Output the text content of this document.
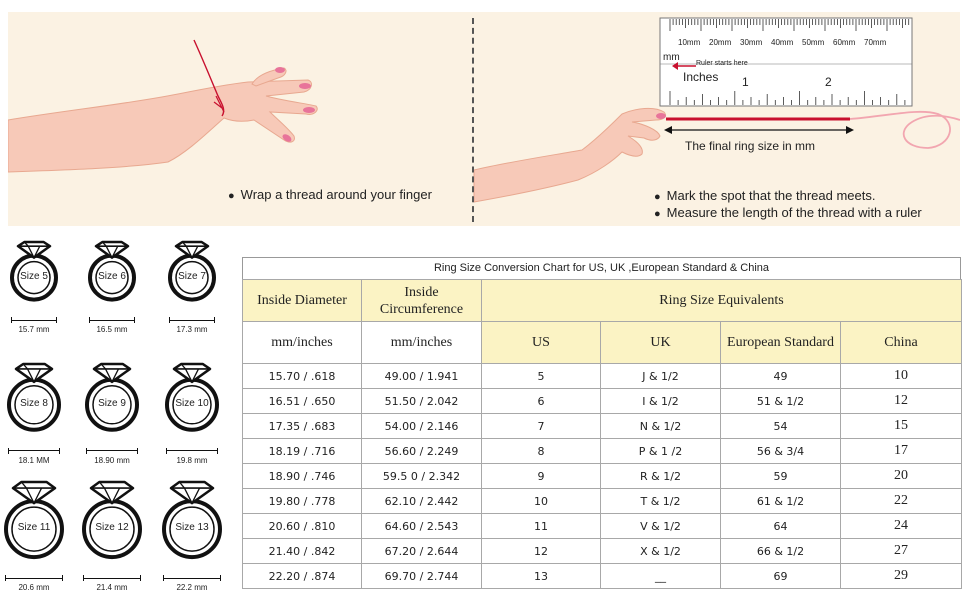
10mm 20mm 30mm 40mm 50mm 60mm 70mm
mm
Ruler starts here
Inches 1	2
The final ring size in mm
● Wrap a thread around your finger	● Mark the spot that the thread meets.
● Measure the length of the thread with a ruler
Size 5
15.7 mm
Size 6
16.5 mm
Size 7
17.3 mm
Size 8
18.1 MM
Size 9
18.90 mm
Size 10
19.8 mm
Size 11
20.6 mm
Size 12
21.4 mm
Size 13
22.2 mm
Ring Size Conversion Chart for US, UK ,European Standard & China
Inside Diameter	Inside Circumference	Ring Size Equivalents			
mm/inches	mm/inches	US	UK	European Standard	China
15.70 / .618	49.00 / 1.941	5	J & 1/2	49	10
16.51 / .650	51.50 / 2.042	6	I & 1/2	51 & 1/2	12
17.35 / .683	54.00 / 2.146	7	N & 1/2	54	15
18.19 / .716	56.60 / 2.249	8	P & 1 /2	56 & 3/4	17
18.90 / .746	59.5 0 / 2.342	9	R & 1/2	59	20
19.80 / .778	62.10 / 2.442	10	T & 1/2	61 & 1/2	22
20.60 / .810	64.60 / 2.543	11	V & 1/2	64	24
21.40 / .842	67.20 / 2.644	12	X & 1/2	66 & 1/2	27
22.20 / .874	69.70 / 2.744	13	__	69	29
